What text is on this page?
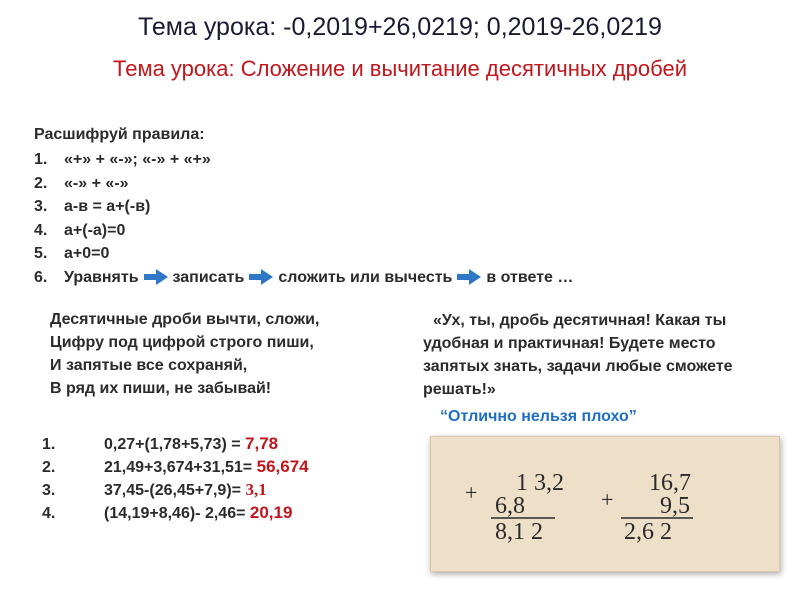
Тема урока: -0,2019+26,0219; 0,2019-26,0219
Тема урока: Сложение и вычитание десятичных дробей
Расшифруй правила:
1.	«+» + «-»; «-» + «+»
2.	«-» + «-»
3.	а-в = а+(-в)
4.	а+(-а)=0
5.	а+0=0
6.	Уравнять записать сложить или вычесть в ответе …
Десятичные дроби вычти, сложи,
Цифру под цифрой строго пиши,
И запятые все сохраняй,
В ряд их пиши, не забывай!

«Ух, ты, дробь десятичная! Какая ты удобная и практичная! Будете место запятых знать, задачи любые сможете решать!»

“Отлично нельзя плохо”
1.	0,27+(1,78+5,73) = 7,78
2.	21,49+3,674+31,51= 56,674
3.	37,45-(26,45+7,9)= 3,1
4.	(14,19+8,46)- 2,46= 20,19
+ 1 3,2
6,8
8,1 2
+
16,7
9,5
2,6 2
